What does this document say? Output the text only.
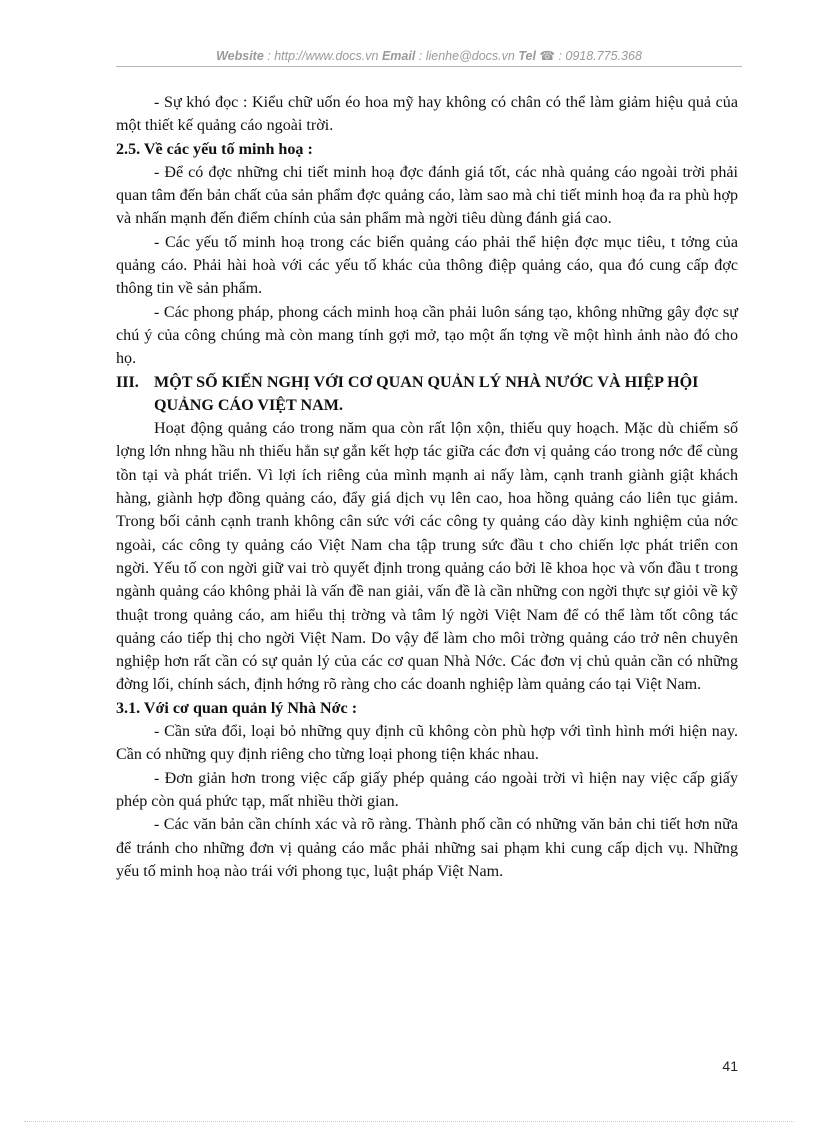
Website : http://www.docs.vn Email : lienhe@docs.vn Tel ☎ : 0918.775.368

- Sự khó đọc : Kiểu chữ uốn éo hoa mỹ hay không có chân có thể làm giảm hiệu quả của một thiết kế quảng cáo ngoài trời.

2.5. Về các yếu tố minh hoạ :

- Để có đợc những chi tiết minh hoạ đợc đánh giá tốt, các nhà quảng cáo ngoài trời phải quan tâm đến bản chất của sản phẩm đợc quảng cáo, làm sao mà chi tiết minh hoạ đa ra phù hợp và nhấn mạnh đến điểm chính của sản phẩm mà ngời tiêu dùng đánh giá cao.

- Các yếu tố minh hoạ trong các biển quảng cáo phải thể hiện đợc mục tiêu, t tởng của quảng cáo. Phải hài hoà với các yếu tố khác của thông điệp quảng cáo, qua đó cung cấp đợc thông tin về sản phẩm.

- Các phong pháp, phong cách minh hoạ cần phải luôn sáng tạo, không những gây đợc sự chú ý của công chúng mà còn mang tính gợi mở, tạo một ấn tợng về một hình ảnh nào đó cho họ.

III. MỘT SỐ KIẾN NGHỊ VỚI CƠ QUAN QUẢN LÝ NHÀ NƯỚC VÀ HIỆP HỘI QUẢNG CÁO VIỆT NAM.

Hoạt động quảng cáo trong năm qua còn rất lộn xộn, thiếu quy hoạch. Mặc dù chiếm số lợng lớn nhng hầu nh thiếu hẳn sự gắn kết hợp tác giữa các đơn vị quảng cáo trong nớc để cùng tồn tại và phát triển. Vì lợi ích riêng của mình mạnh ai nấy làm, cạnh tranh giành giật khách hàng, giành hợp đồng quảng cáo, đẩy giá dịch vụ lên cao, hoa hồng quảng cáo liên tục giảm. Trong bối cảnh cạnh tranh không cân sức với các công ty quảng cáo dày kinh nghiệm của nớc ngoài, các công ty quảng cáo Việt Nam cha tập trung sức đầu t cho chiến lợc phát triển con ngời. Yếu tố con ngời giữ vai trò quyết định trong quảng cáo bởi lẽ khoa học và vốn đầu t trong ngành quảng cáo không phải là vấn đề nan giải, vấn đề là cần những con ngời thực sự giỏi về kỹ thuật trong quảng cáo, am hiểu thị trờng và tâm lý ngời Việt Nam để có thể làm tốt công tác quảng cáo tiếp thị cho ngời Việt Nam. Do vậy để làm cho môi trờng quảng cáo trở nên chuyên nghiệp hơn rất cần có sự quản lý của các cơ quan Nhà Nớc. Các đơn vị chủ quản cần có những đờng lối, chính sách, định hớng rõ ràng cho các doanh nghiệp làm quảng cáo tại Việt Nam.

3.1. Với cơ quan quản lý Nhà Nớc :

- Cần sửa đổi, loại bỏ những quy định cũ không còn phù hợp với tình hình mới hiện nay. Cần có những quy định riêng cho từng loại phong tiện khác nhau.

- Đơn giản hơn trong việc cấp giấy phép quảng cáo ngoài trời vì hiện nay việc cấp giấy phép còn quá phức tạp, mất nhiều thời gian.

- Các văn bản cần chính xác và rõ ràng. Thành phố cần có những văn bản chi tiết hơn nữa để tránh cho những đơn vị quảng cáo mắc phải những sai phạm khi cung cấp dịch vụ. Những yếu tố minh hoạ nào trái với phong tục, luật pháp Việt Nam.

41
